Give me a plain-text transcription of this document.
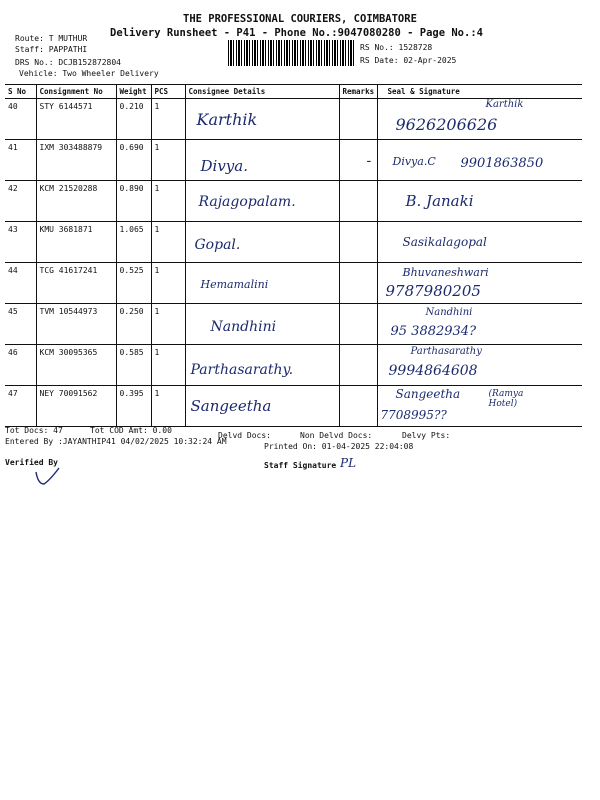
THE PROFESSIONAL COURIERS, COIMBATORE
Delivery Runsheet - P41 - Phone No.:9047080280 - Page No.:4
Route: T MUTHUR
Staff: PAPPATHI
DRS No.: DCJB152872804
Vehicle: Two Wheeler Delivery
RS No.: 1528728
RS Date: 02-Apr-2025
S No	Consignment No	Weight	PCS	Consignee Details	Remarks	Seal & Signature
40	STY 6144571	0.210	1	Karthik		Karthik
9626206626

41	IXM 303488879	0.690	1	Divya.	-	Divya.C 9901863850

42	KCM 21520288	0.890	1	Rajagopalam.		B. Janaki

43	KMU 3681871	1.065	1	Gopal.		Sasikalagopal

44	TCG 41617241	0.525	1	Hemamalini		Bhuvaneshwari
9787980205

45	TVM 10544973	0.250	1	Nandhini		Nandhini
95 3882934?

46	KCM 30095365	0.585	1	Parthasarathy.		Parthasarathy
9994864608

47	NEY 70091562	0.395	1	Sangeetha		Sangeetha (Ramya Hotel)
7708995??
Tot Docs: 47	Tot COD Amt: 0.00
Delvd Docs:	Non Delvd Docs:	Delvy Pts:
Entered By :JAYANTHIP41 04/02/2025 10:32:24 AM
Printed On: 01-04-2025 22:04:08
Verified By	Staff Signature PL
